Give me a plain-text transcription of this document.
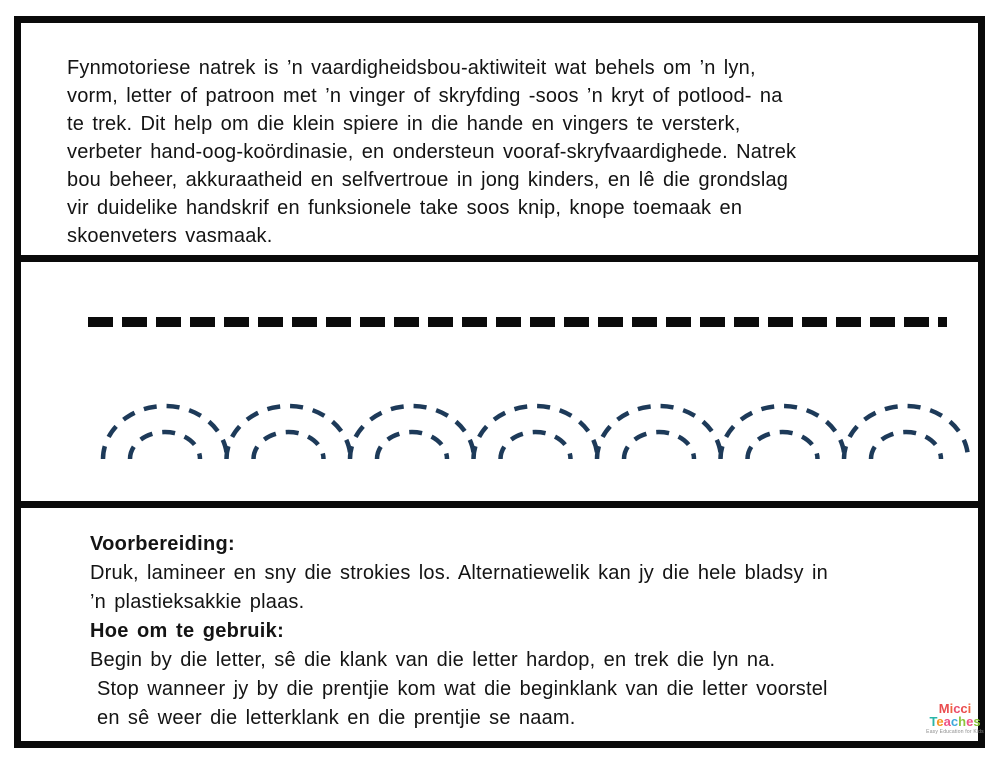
Fynmotoriese natrek is ’n vaardigheidsbou-aktiwiteit wat behels om ’n lyn,
vorm, letter of patroon met ’n vinger of skryfding -soos ’n kryt of potlood- na
te trek. Dit help om die klein spiere in die hande en vingers te versterk,
verbeter hand-oog-koördinasie, en ondersteun vooraf-skryfvaardighede. Natrek
bou beheer, akkuraatheid en selfvertroue in jong kinders, en lê die grondslag
vir duidelike handskrif en funksionele take soos knip, knope toemaak en
skoenveters vasmaak.
Voorbereiding:
Druk, lamineer en sny die strokies los. Alternatiewelik kan jy die hele bladsy in
’n plastieksakkie plaas.
Hoe om te gebruik:
Begin by die letter, sê die klank van die letter hardop, en trek die lyn na.
Stop wanneer jy by die prentjie kom wat die beginklank van die letter voorstel
en sê weer die letterklank en die prentjie se naam.	Micci
Teaches
Easy Education for Kids
